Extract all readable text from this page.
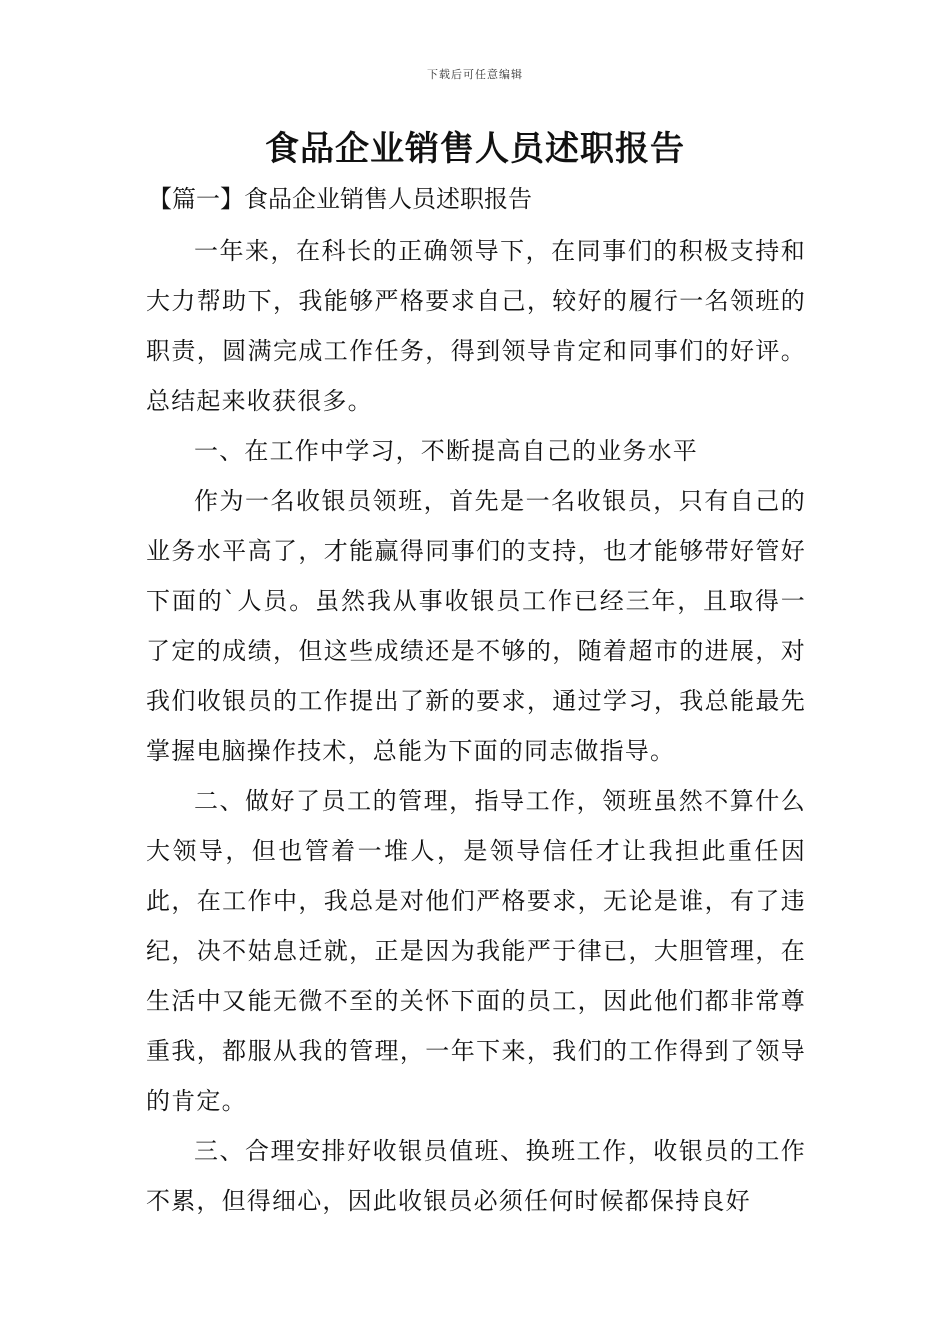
下载后可任意编辑
食品企业销售人员述职报告
【篇一】食品企业销售人员述职报告

一年来，在科长的正确领导下，在同事们的积极支持和大力帮助下，我能够严格要求自己，较好的履行一名领班的职责，圆满完成工作任务，得到领导肯定和同事们的好评。总结起来收获很多。

一、在工作中学习，不断提高自己的业务水平

作为一名收银员领班，首先是一名收银员，只有自己的业务水平高了，才能赢得同事们的支持，也才能够带好管好下面的`人员。虽然我从事收银员工作已经三年，且取得一了定的成绩，但这些成绩还是不够的，随着超市的进展，对我们收银员的工作提出了新的要求，通过学习，我总能最先掌握电脑操作技术，总能为下面的同志做指导。

二、做好了员工的管理，指导工作，领班虽然不算什么大领导，但也管着一堆人，是领导信任才让我担此重任因此，在工作中，我总是对他们严格要求，无论是谁，有了违纪，决不姑息迁就，正是因为我能严于律已，大胆管理，在生活中又能无微不至的关怀下面的员工，因此他们都非常尊重我，都服从我的管理，一年下来，我们的工作得到了领导的肯定。

三、合理安排好收银员值班、换班工作，收银员的工作不累，但得细心，因此收银员必须任何时候都保持良好
